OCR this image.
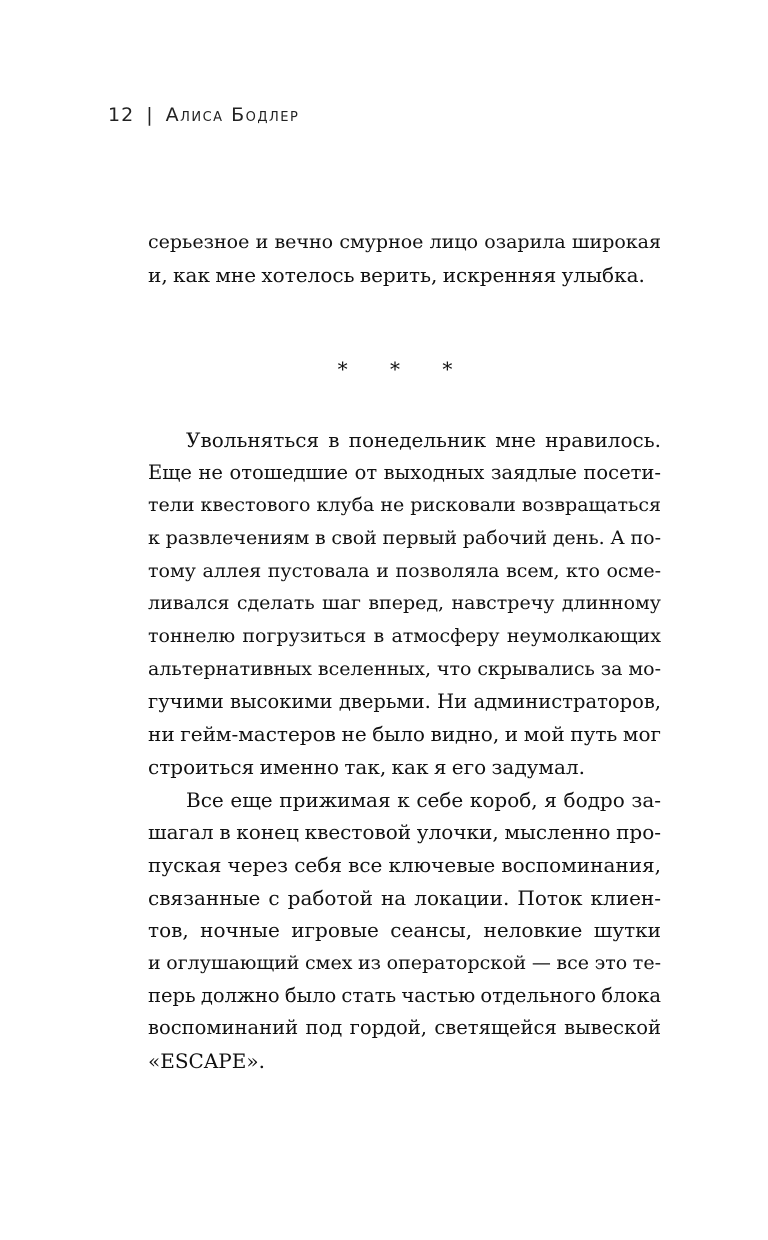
12 | Алиса Бодлер
серьезное и вечно смурное лицо озарила широкая
и, как мне хотелось верить, искренняя улыбка.
* * *
Увольняться в понедельник мне нравилось.
Еще не отошедшие от выходных заядлые посети-
тели квестового клуба не рисковали возвращаться
к развлечениям в свой первый рабочий день. А по-
тому аллея пустовала и позволяла всем, кто осме-
ливался сделать шаг вперед, навстречу длинному
тоннелю погрузиться в атмосферу неумолкающих
альтернативных вселенных, что скрывались за мо-
гучими высокими дверьми. Ни администраторов,
ни гейм-мастеров не было видно, и мой путь мог
строиться именно так, как я его задумал.
Все еще прижимая к себе короб, я бодро за-
шагал в конец квестовой улочки, мысленно про-
пуская через себя все ключевые воспоминания,
связанные с работой на локации. Поток клиен-
тов, ночные игровые сеансы, неловкие шутки
и оглушающий смех из операторской — все это те-
перь должно было стать частью отдельного блока
воспоминаний под гордой, светящейся вывеской
«ESCAPE».
